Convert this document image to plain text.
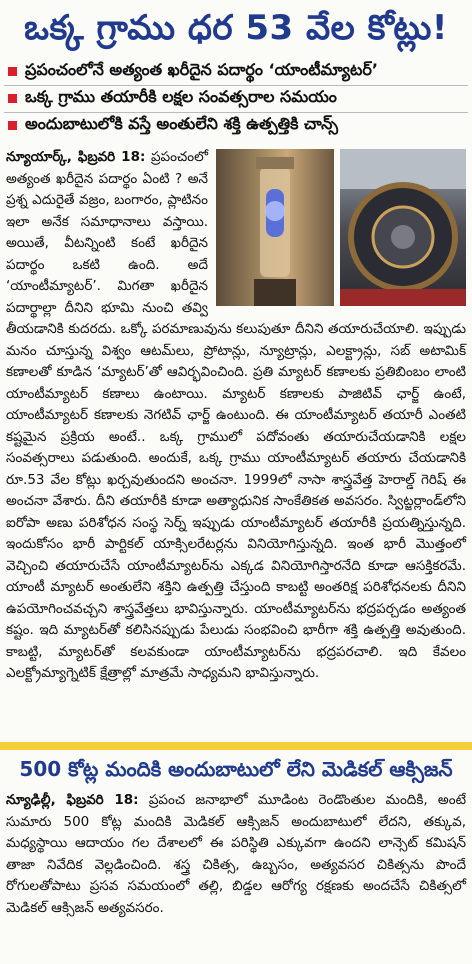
ఒక్క గ్రాము ధర 53 వేల కోట్లు!
ప్రపంచంలోనే అత్యంత ఖరీదైన పదార్థం ‘యాంటీమ్యాటర్’
ఒక్క గ్రాము తయారీకి లక్షల సంవత్సరాల సమయం
అందుబాటులోకి వస్తే అంతులేని శక్తి ఉత్పత్తికి చాన్స్

న్యూయార్క్, ఫిబ్రవరి 18: ప్రపంచంలో అత్యంత ఖరీదైన పదార్థం ఏంటి ? అనే ప్రశ్న ఎదురైతే వజ్రం, బంగారం, ప్లాటినం ఇలా అనేక సమాధానాలు వస్తాయి. అయితే, వీటన్నింటి కంటే ఖరీదైన పదార్థం ఒకటి ఉంది. అదే ‘యాంటీమ్యాటర్’. మిగతా ఖరీదైన పదార్థాల్లా దీనిని భూమి నుంచి తవ్వి తీయడానికి కుదరదు. ఒక్కో పరమాణువును కలుపుతూ దీనిని తయారుచేయాలి. ఇప్పుడు మనం చూస్తున్న విశ్వం ఆటమ్‌లు, ప్రోటాన్లు, న్యూట్రాన్లు, ఎలక్ట్రాన్లు, సబ్ అటామిక్ కణాలతో కూడిన ‘మ్యాటర్’తో ఆవిర్భవించింది. ప్రతి మ్యాటర్ కణాలకు ప్రతిబింబం లాంటి యాంటీమ్యాటర్ కణాలు ఉంటాయి. మ్యాటర్ కణాలకు పాజిటివ్ ఛార్జ్ ఉంటే, యాంటీమ్యాటర్ కణాలకు నెగటివ్ ఛార్జ్ ఉంటుంది. ఈ యాంటీమ్యాటర్ తయారీ ఎంతటి కష్టమైన ప్రక్రియ అంటే.. ఒక్క గ్రాములో పదోవంతు తయారుచేయడానికి లక్షల సంవత్సరాలు పడుతుంది. అందుకే, ఒక్క గ్రాము యాంటీమ్యాటర్ తయారు చేయడానికి రూ.53 వేల కోట్లు ఖర్చవుతుందని అంచనా. 1999లో నాసా శాస్త్రవేత్త హెరాల్డ్ గెరిష్ ఈ అంచనా వేశారు. దీని తయారీకి కూడా అత్యాధునిక సాంకేతికత అవసరం. స్విట్జర్లాండ్‌లోని ఐరోపా అణు పరిశోధన సంస్థ సెర్న్ ఇప్పుడు యాంటీమ్యాటర్ తయారీకి ప్రయత్నిస్తున్నది. ఇందుకోసం భారీ పార్టికల్ యాక్సిలరేటర్లను వినియోగిస్తున్నది. ఇంత భారీ మొత్తంలో వెచ్చించి తయారుచేసే యాంటీమ్యాటర్‌ను ఎక్కడ వినియోగిస్తారనేది కూడా ఆసక్తికరమే. యాంటీ మ్యాటర్ అంతులేని శక్తిని ఉత్పత్తి చేస్తుంది కాబట్టి అంతరిక్ష పరిశోధనలకు దీనిని ఉపయోగించవచ్చని శాస్త్రవేత్తలు భావిస్తున్నారు. యాంటీమ్యాటర్‌ను భద్రపర్చడం అత్యంత కష్టం. ఇది మ్యాటర్‌తో కలిసినప్పుడు పేలుడు సంభవించి భారీగా శక్తి ఉత్పత్తి అవుతుంది. కాబట్టి, మ్యాటర్‌తో కలవకుండా యాంటీమ్యాటర్‌ను భద్రపరచాలి. ఇది కేవలం ఎలక్ట్రోమ్యాగ్నెటిక్ క్షేత్రాల్లో మాత్రమే సాధ్యమని భావిస్తున్నారు.

500 కోట్ల మందికి అందుబాటులో లేని మెడికల్ ఆక్సిజన్

న్యూఢిల్లీ, ఫిబ్రవరి 18: ప్రపంచ జనాభాలో మూడింట రెండొంతుల మందికి, అంటే సుమారు 500 కోట్ల మందికి మెడికల్ ఆక్సిజన్ అందుబాటులో లేదని, తక్కువ, మధ్యస్థాయి ఆదాయం గల దేశాలలో ఈ పరిస్థితి ఎక్కువగా ఉందని లాన్సెట్ కమిషన్ తాజా నివేదిక వెల్లడించింది. శస్త్ర చికిత్స, ఉబ్బసం, అత్యవసర చికిత్సను పొందే రోగులతోపాటు ప్రసవ సమయంలో తల్లి, బిడ్డల ఆరోగ్య రక్షణకు అందచేసే చికిత్సలో మెడికల్ ఆక్సిజన్ అత్యవసరం.
